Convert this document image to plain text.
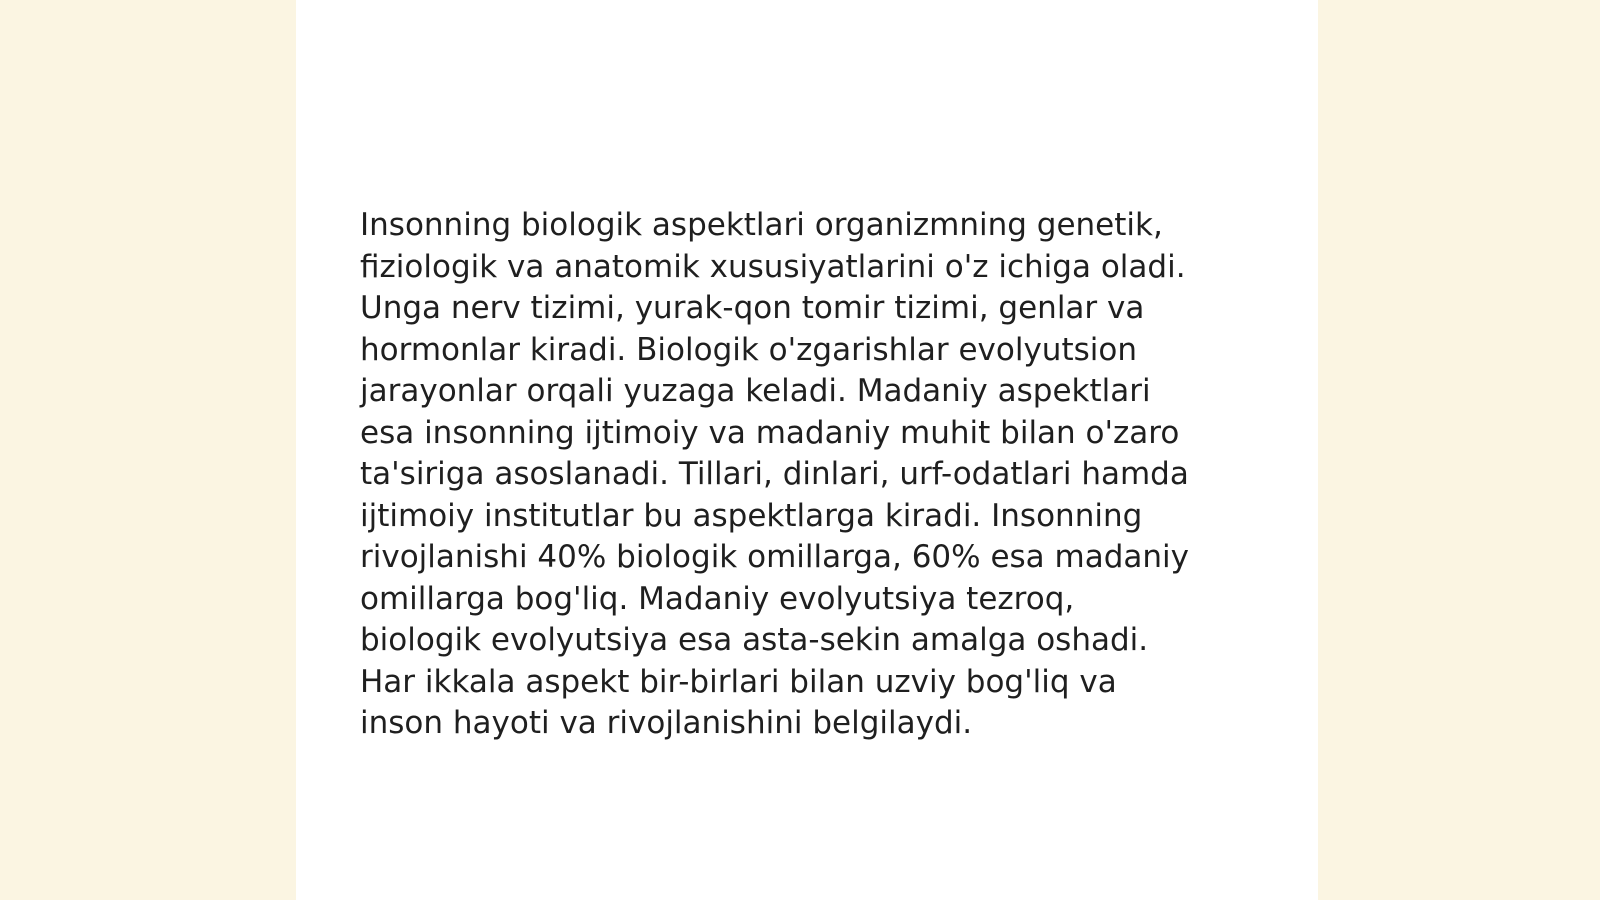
Insonning biologik aspektlari organizmning genetik,
fiziologik va anatomik xususiyatlarini o'z ichiga oladi.
Unga nerv tizimi, yurak-qon tomir tizimi, genlar va
hormonlar kiradi. Biologik o'zgarishlar evolyutsion
jarayonlar orqali yuzaga keladi. Madaniy aspektlari
esa insonning ijtimoiy va madaniy muhit bilan o'zaro
ta'siriga asoslanadi. Tillari, dinlari, urf-odatlari hamda
ijtimoiy institutlar bu aspektlarga kiradi. Insonning
rivojlanishi 40% biologik omillarga, 60% esa madaniy
omillarga bog'liq. Madaniy evolyutsiya tezroq,
biologik evolyutsiya esa asta-sekin amalga oshadi.
Har ikkala aspekt bir-birlari bilan uzviy bog'liq va
inson hayoti va rivojlanishini belgilaydi.
